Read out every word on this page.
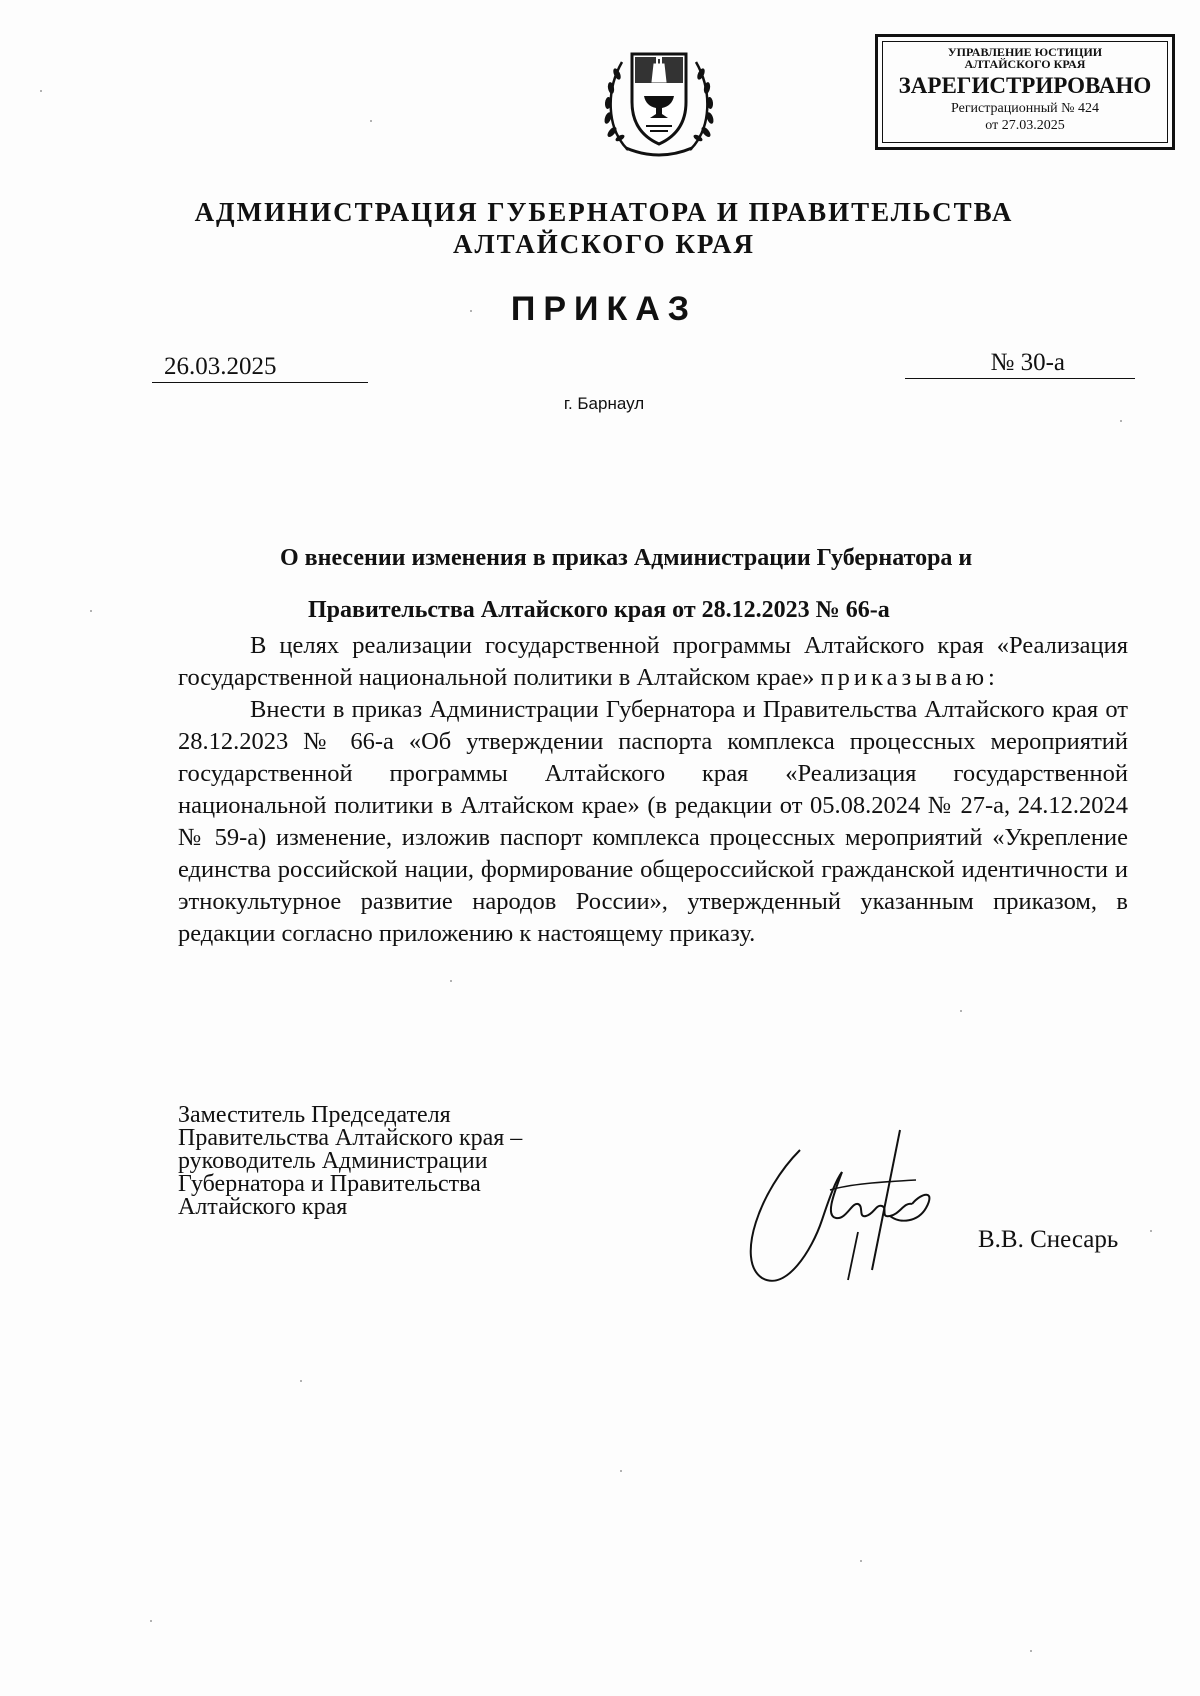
УПРАВЛЕНИЕ ЮСТИЦИИ
АЛТАЙСКОГО КРАЯ
ЗАРЕГИСТРИРОВАНО
Регистрационный № 424
от 27.03.2025
АДМИНИСТРАЦИЯ ГУБЕРНАТОРА И ПРАВИТЕЛЬСТВА
АЛТАЙСКОГО КРАЯ
ПРИКАЗ
26.03.2025	№ 30-а
г. Барнаул

О внесении изменения в приказ Администрации Губернатора и

Правительства Алтайского края от 28.12.2023 № 66-а

В целях реализации государственной программы Алтайского края «Реализация государственной национальной политики в Алтайском крае» приказываю:

Внести в приказ Администрации Губернатора и Правительства Алтайского края от 28.12.2023 № 66-а «Об утверждении паспорта комплекса процессных мероприятий государственной программы Алтайского края «Реализация государственной национальной политики в Алтайском крае» (в редакции от 05.08.2024 № 27-а, 24.12.2024 № 59-а) изменение, изложив паспорт комплекса процессных мероприятий «Укрепление единства российской нации, формирование общероссийской гражданской идентичности и этнокультурное развитие народов России», утвержденный указанным приказом, в редакции согласно приложению к настоящему приказу.

Заместитель Председателя
Правительства Алтайского края –
руководитель Администрации
Губернатора и Правительства
Алтайского края
В.В. Снесарь
